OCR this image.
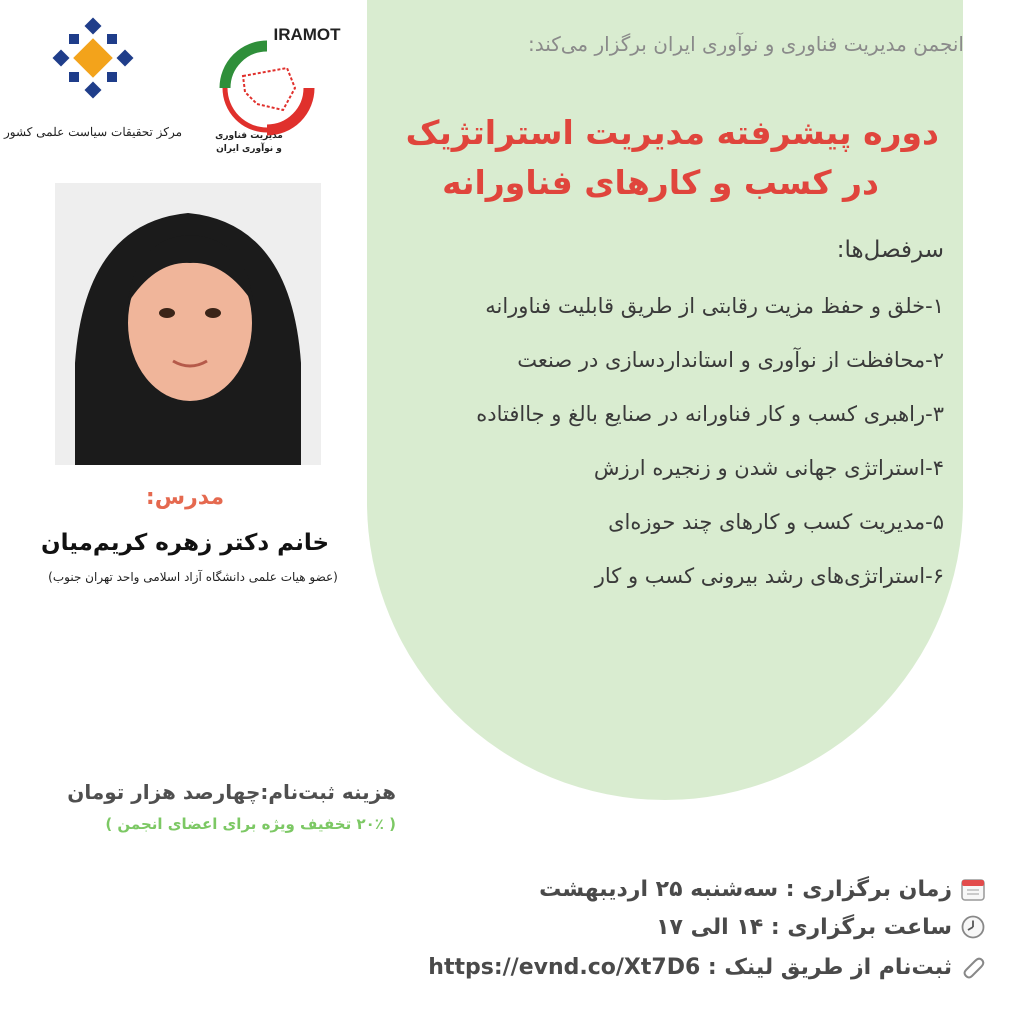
مرکز تحقیقات سیاست علمی کشور
IRAMOT
مدیریت فناوری
و نوآوری ایران
انجمن مدیریت فناوری و نوآوری ایران برگزار می‌کند:
دوره پیشرفته مدیریت استراتژیک
در کسب و کارهای فناورانه
سرفصل‌ها:
۱-خلق و حفظ مزیت رقابتی از طریق قابلیت فناورانه
۲-محافظت از نوآوری و استانداردسازی در صنعت
۳-راهبری کسب و کار فناورانه در صنایع بالغ و جاافتاده
۴-استراتژی جهانی شدن و زنجیره ارزش
۵-مدیریت کسب و کارهای چند حوزه‌ای
۶-استراتژی‌های رشد بیرونی کسب و کار
مدرس:
خانم دکتر زهره کریم‌میان
(عضو هیات علمی دانشگاه آزاد اسلامی واحد تهران جنوب)
هزینه ثبت‌نام:چهارصد هزار تومان
( ۲۰٪ تخفیف ویژه برای اعضای انجمن )
زمان برگزاری : سه‌شنبه ۲۵ اردیبهشت
ساعت برگزاری : ۱۴ الی ۱۷
ثبت‌نام از طریق لینک : https://evnd.co/Xt7D6
